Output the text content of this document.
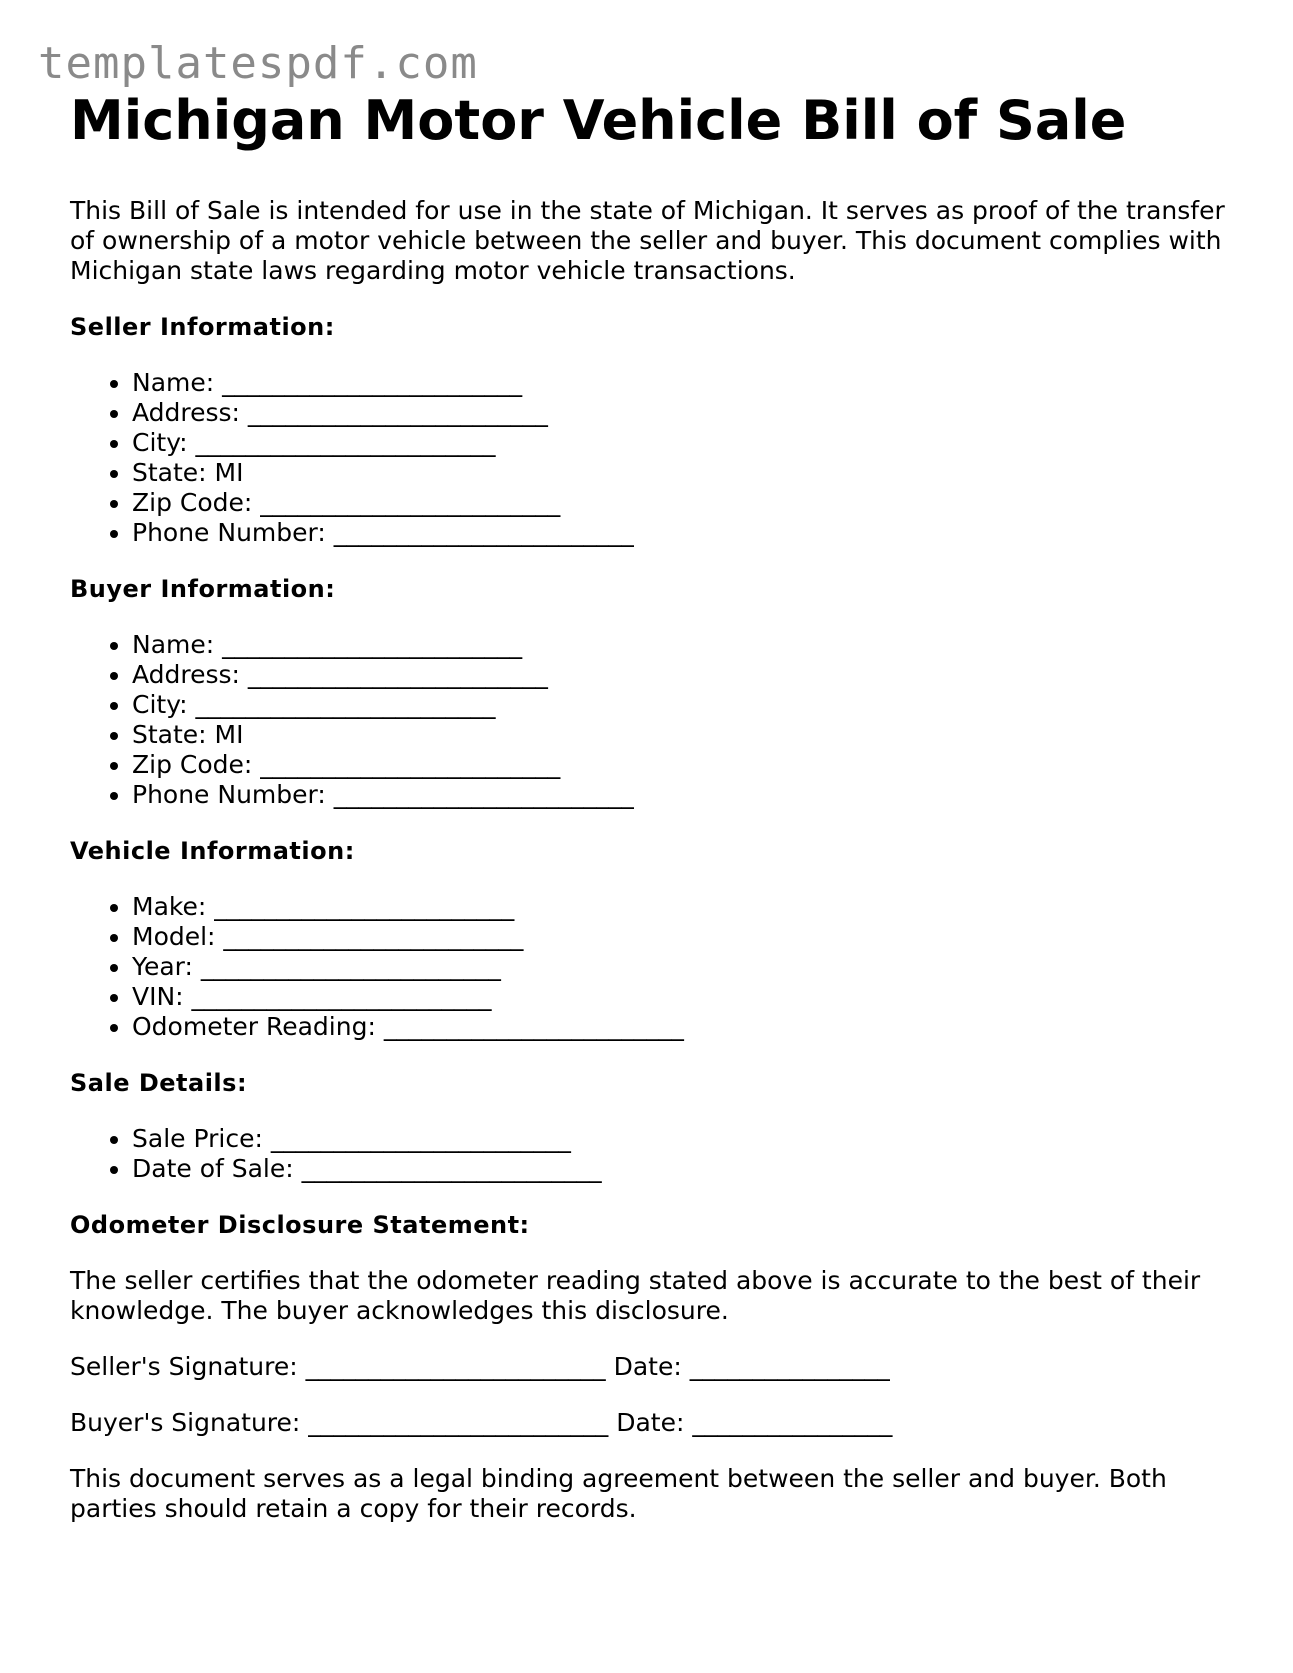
templatespdf.com
Michigan Motor Vehicle Bill of Sale

This Bill of Sale is intended for use in the state of Michigan. It serves as proof of the transfer of ownership of a motor vehicle between the seller and buyer. This document complies with Michigan state laws regarding motor vehicle transactions.

Seller Information:
• Name: ________________________
• Address: ________________________
• City: ________________________
• State: MI
• Zip Code: ________________________
• Phone Number: ________________________
Buyer Information:
• Name: ________________________
• Address: ________________________
• City: ________________________
• State: MI
• Zip Code: ________________________
• Phone Number: ________________________
Vehicle Information:
• Make: ________________________
• Model: ________________________
• Year: ________________________
• VIN: ________________________
• Odometer Reading: ________________________
Sale Details:
• Sale Price: ________________________
• Date of Sale: ________________________
Odometer Disclosure Statement:

The seller certifies that the odometer reading stated above is accurate to the best of their knowledge. The buyer acknowledges this disclosure.

Seller's Signature: ________________________ Date: ________________

Buyer's Signature: ________________________ Date: ________________

This document serves as a legal binding agreement between the seller and buyer. Both parties should retain a copy for their records.
